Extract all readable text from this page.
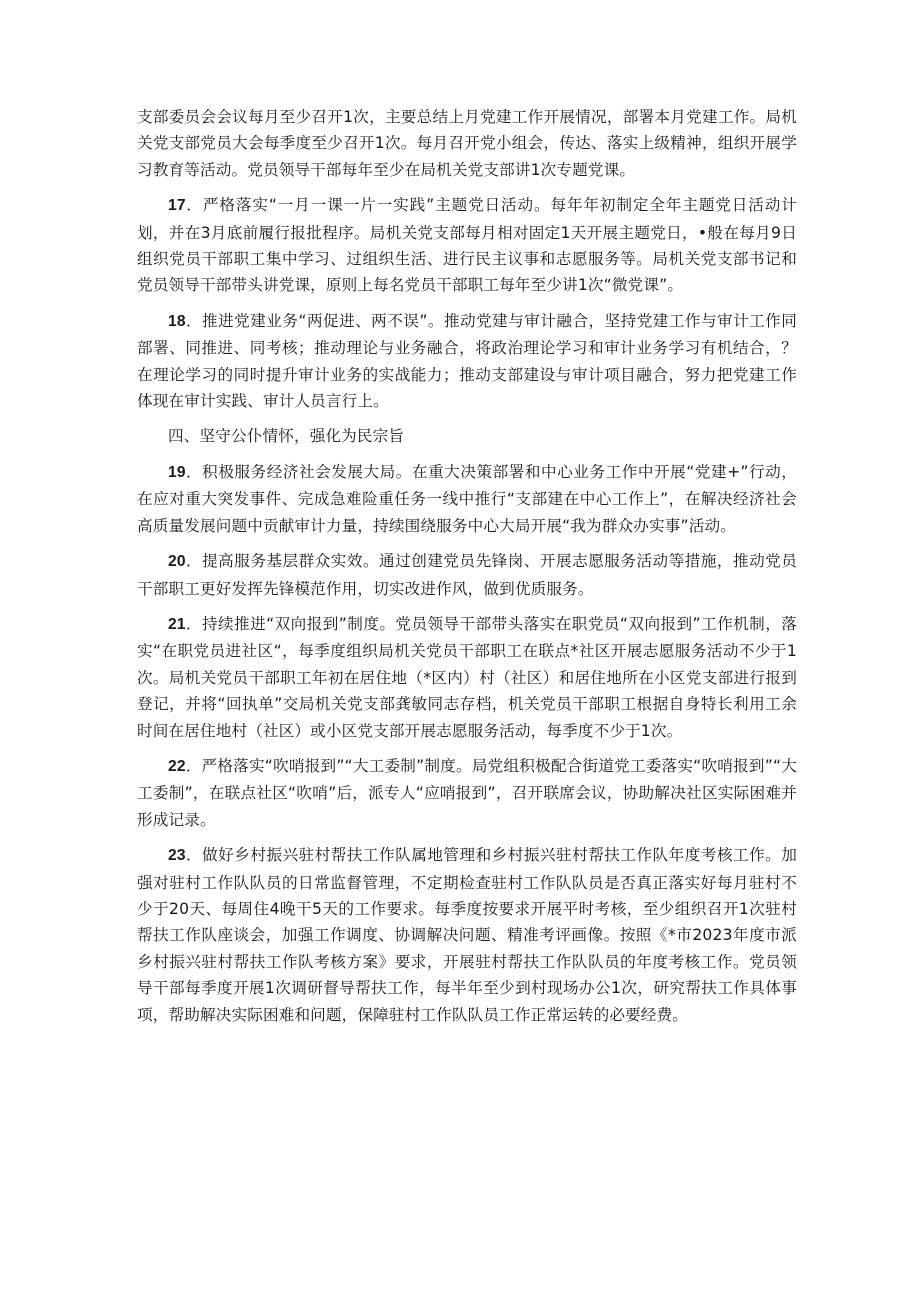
支部委员会会议每月至少召开1次，主要总结上月党建工作开展情况，部署本月党建工作。局机关党支部党员大会每季度至少召开1次。每月召开党小组会，传达、落实上级精神，组织开展学习教育等活动。党员领导干部每年至少在局机关党支部讲1次专题党课。

17．严格落实“一月一课一片一实践”主题党日活动。每年年初制定全年主题党日活动计划，并在3月底前履行报批程序。局机关党支部每月相对固定1天开展主题党日，•般在每月9日组织党员干部职工集中学习、过组织生活、进行民主议事和志愿服务等。局机关党支部书记和党员领导干部带头讲党课，原则上每名党员干部职工每年至少讲1次“微党课”。

18．推进党建业务“两促进、两不误”。推动党建与审计融合，坚持党建工作与审计工作同部署、同推进、同考核；推动理论与业务融合，将政治理论学习和审计业务学习有机结合，？在理论学习的同时提升审计业务的实战能力；推动支部建设与审计项目融合，努力把党建工作体现在审计实践、审计人员言行上。

四、坚守公仆情怀，强化为民宗旨

19．积极服务经济社会发展大局。在重大决策部署和中心业务工作中开展“党建+”行动，在应对重大突发事件、完成急难险重任务一线中推行“支部建在中心工作上”，在解决经济社会高质量发展问题中贡献审计力量，持续围绕服务中心大局开展“我为群众办实事”活动。

20．提高服务基层群众实效。通过创建党员先锋岗、开展志愿服务活动等措施，推动党员干部职工更好发挥先锋模范作用，切实改进作风，做到优质服务。

21．持续推进“双向报到”制度。党员领导干部带头落实在职党员“双向报到”工作机制，落实“在职党员进社区“，每季度组织局机关党员干部职工在联点*社区开展志愿服务活动不少于1次。局机关党员干部职工年初在居住地（*区内）村（社区）和居住地所在小区党支部进行报到登记，并将“回执单”交局机关党支部龚敏同志存档，机关党员干部职工根据自身特长利用工余时间在居住地村（社区）或小区党支部开展志愿服务活动，每季度不少于1次。

22．严格落实“吹哨报到”“大工委制”制度。局党组积极配合街道党工委落实“吹哨报到”“大工委制”，在联点社区“吹哨”后，派专人“应哨报到”，召开联席会议，协助解决社区实际困难并形成记录。

23．做好乡村振兴驻村帮扶工作队属地管理和乡村振兴驻村帮扶工作队年度考核工作。加强对驻村工作队队员的日常监督管理，不定期检查驻村工作队队员是否真正落实好每月驻村不少于20天、每周住4晚干5天的工作要求。每季度按要求开展平时考核，至少组织召开1次驻村帮扶工作队座谈会，加强工作调度、协调解决问题、精准考评画像。按照《*市2023年度市派乡村振兴驻村帮扶工作队考核方案》要求，开展驻村帮扶工作队队员的年度考核工作。党员领导干部每季度开展1次调研督导帮扶工作，每半年至少到村现场办公1次，研究帮扶工作具体事项，帮助解决实际困难和问题，保障驻村工作队队员工作正常运转的必要经费。
